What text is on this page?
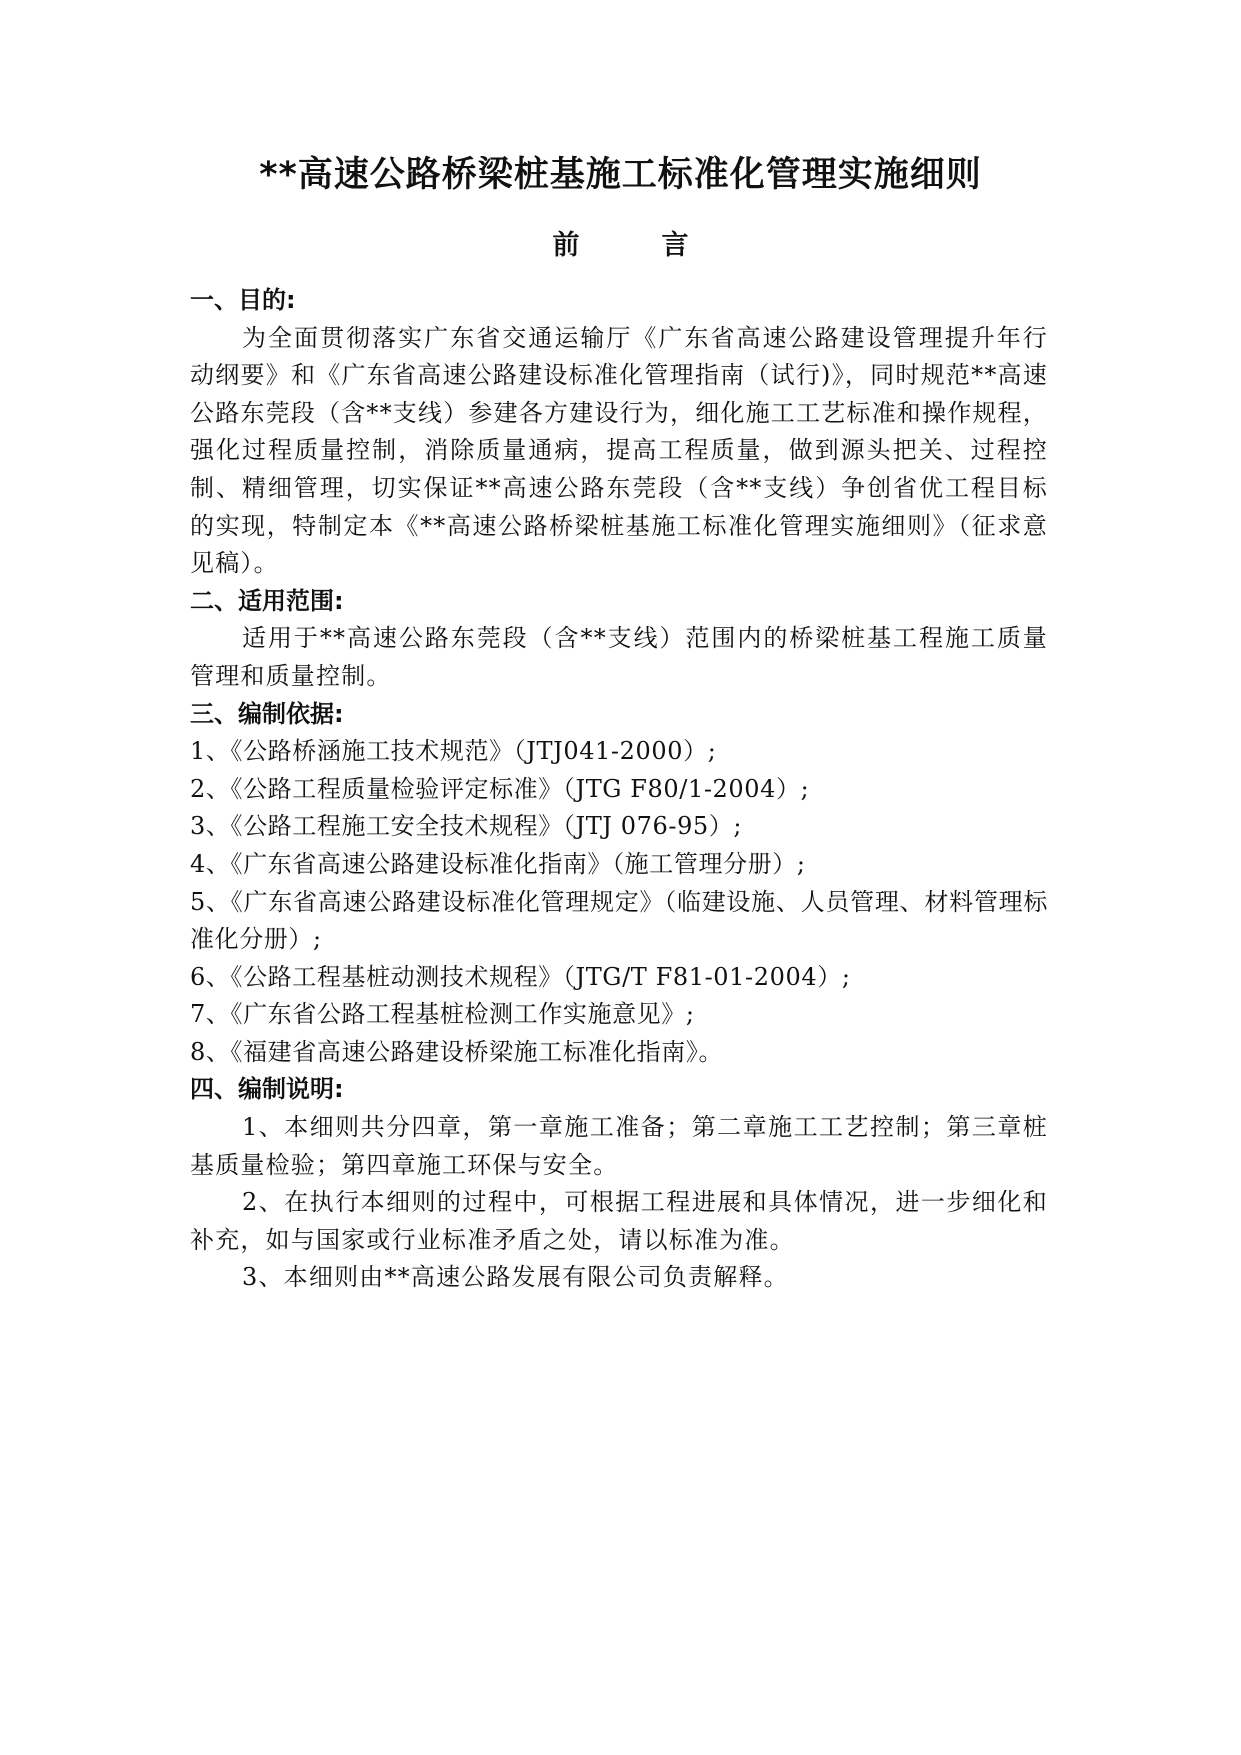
**高速公路桥梁桩基施工标准化管理实施细则
前	言

一、目的:

为全面贯彻落实广东省交通运输厅《广东省高速公路建设管理提升年行动纲要》和《广东省高速公路建设标准化管理指南（试行)》，同时规范**高速公路东莞段（含**支线）参建各方建设行为，细化施工工艺标准和操作规程，强化过程质量控制，消除质量通病，提高工程质量，做到源头把关、过程控制、精细管理，切实保证**高速公路东莞段（含**支线）争创省优工程目标的实现，特制定本《**高速公路桥梁桩基施工标准化管理实施细则》（征求意见稿）。

二、适用范围:

适用于**高速公路东莞段（含**支线）范围内的桥梁桩基工程施工质量管理和质量控制。

三、编制依据:

1、《公路桥涵施工技术规范》（JTJ041-2000）;

2、《公路工程质量检验评定标准》（JTG F80/1-2004）;

3、《公路工程施工安全技术规程》（JTJ 076-95）;

4、《广东省高速公路建设标准化指南》（施工管理分册）;

5、《广东省高速公路建设标准化管理规定》（临建设施、人员管理、材料管理标准化分册）;

6、《公路工程基桩动测技术规程》（JTG/T F81-01-2004）;

7、《广东省公路工程基桩检测工作实施意见》;

8、《福建省高速公路建设桥梁施工标准化指南》。

四、编制说明:

1、本细则共分四章，第一章施工准备；第二章施工工艺控制；第三章桩基质量检验；第四章施工环保与安全。

2、在执行本细则的过程中，可根据工程进展和具体情况，进一步细化和补充，如与国家或行业标准矛盾之处，请以标准为准。

3、本细则由**高速公路发展有限公司负责解释。
